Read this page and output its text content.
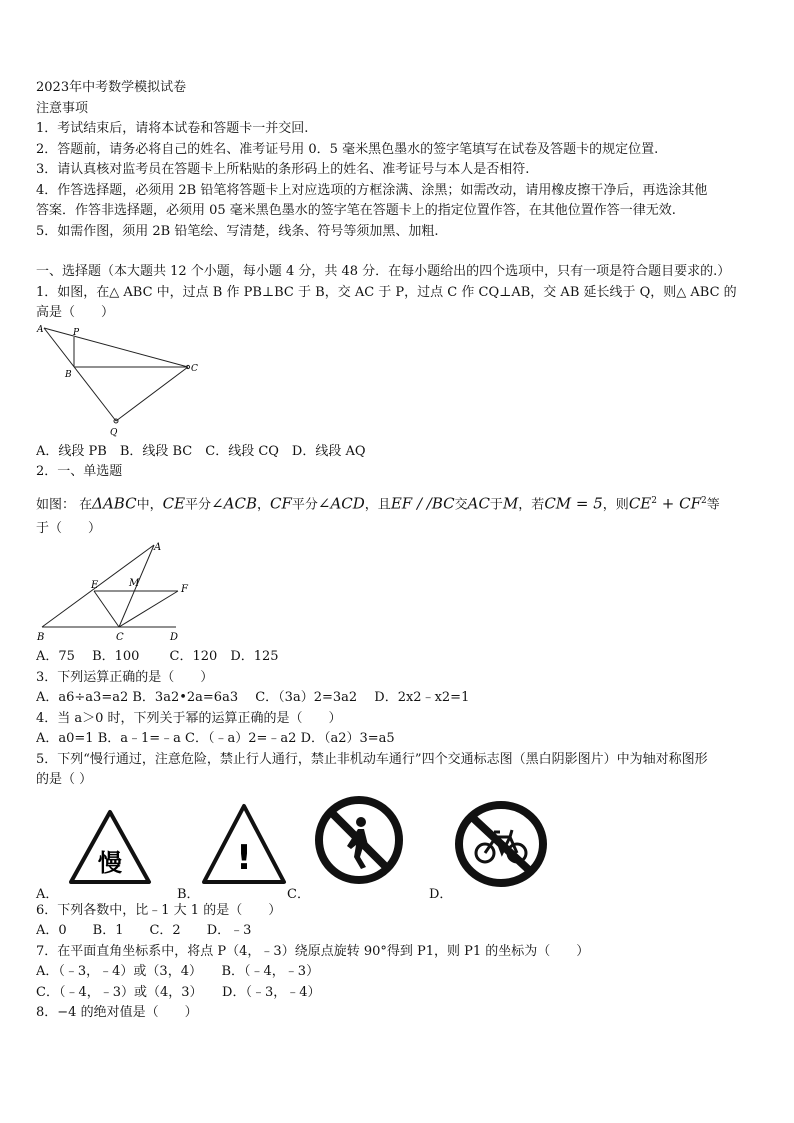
2023年中考数学模拟试卷
注意事项
1．考试结束后，请将本试卷和答题卡一并交回.
2．答题前，请务必将自己的姓名、准考证号用 0．5 毫米黑色墨水的签字笔填写在试卷及答题卡的规定位置.
3．请认真核对监考员在答题卡上所粘贴的条形码上的姓名、准考证号与本人是否相符.
4．作答选择题，必须用 2B 铅笔将答题卡上对应选项的方框涂满、涂黑；如需改动，请用橡皮擦干净后，再选涂其他
答案．作答非选择题，必须用 05 毫米黑色墨水的签字笔在答题卡上的指定位置作答，在其他位置作答一律无效.
5．如需作图，须用 2B 铅笔绘、写清楚，线条、符号等须加黑、加粗.
一、选择题（本大题共 12 个小题，每小题 4 分，共 48 分．在每小题给出的四个选项中，只有一项是符合题目要求的.）
1．如图，在△ ABC 中，过点 B 作 PB⊥BC 于 B，交 AC 于 P，过点 C 作 CQ⊥AB，交 AB 延长线于 Q，则△ ABC 的
高是（　　）
A	P
B
C
Q
A．线段 PB　B．线段 BC　C．线段 CQ　D．线段 AQ
2．一、单选题
如图： 在ΔABC中，CE平分∠ACB，CF平分∠ACD，且EF / /BC交AC于M，若CM = 5，则$CE^2 + CF^2$等
于（　　）
A
E	M
F
B	C	D
A．75　 B．100　　 C．120　D．125
3．下列运算正确的是（　　）
A．a6÷a3=a2 B．3a2•2a=6a3　 C．（3a）2=3a2　 D．2x2﹣x2=1
4．当 a＞0 时，下列关于幂的运算正确的是（　　）
A．a0=1 B．a﹣1=﹣a C．（﹣a）2=﹣a2 D．（a2）3=a5
5．下列“慢行通过，注意危险，禁止行人通行，禁止非机动车通行”四个交通标志图（黑白阴影图片）中为轴对称图形
的是（ ）
A．
慢
B．
!
C．	D．
6．下列各数中，比﹣1 大 1 的是（　　）
A．0　　B．1　　C．2　　D．﹣3
7．在平面直角坐标系中，将点 P（4，﹣3）绕原点旋转 90°得到 P1，则 P1 的坐标为（　　）
A．（﹣3，﹣4）或（3，4）　　B．（﹣4，﹣3）
C．（﹣4，﹣3）或（4，3）　　D．（﹣3，﹣4）
8．−4 的绝对值是（　　）
